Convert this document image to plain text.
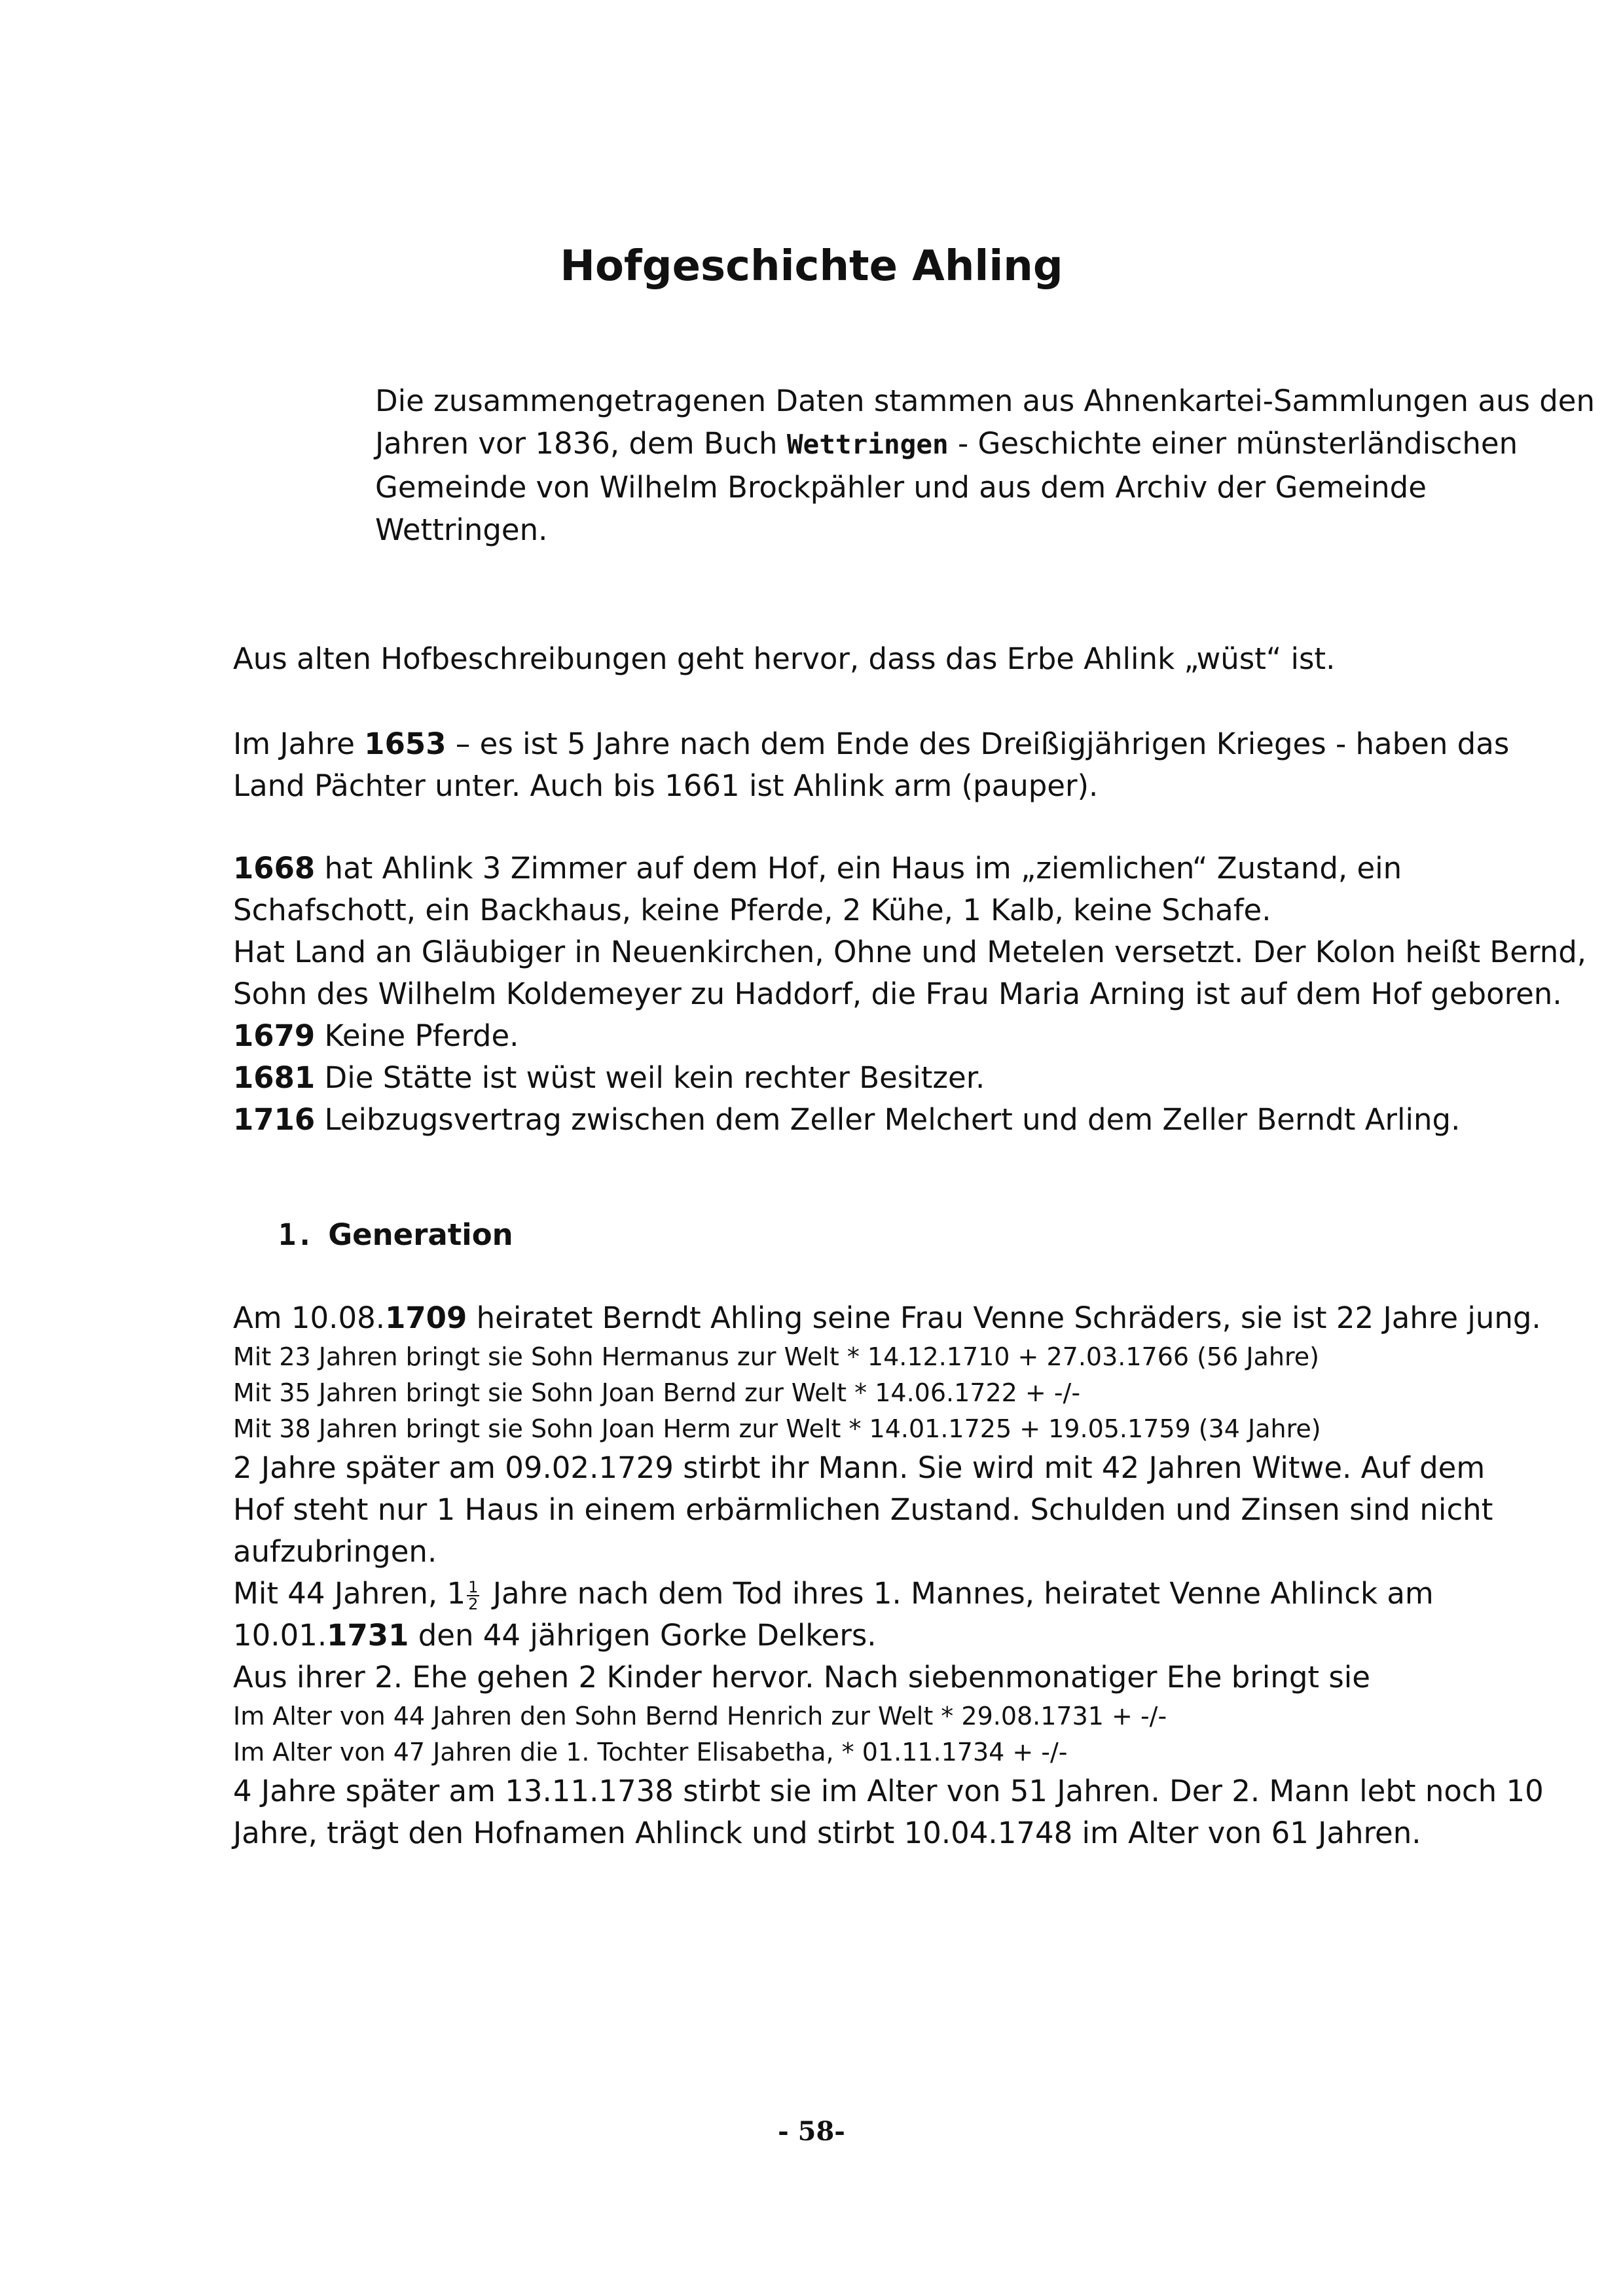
Hofgeschichte Ahling
Die zusammengetragenen Daten stammen aus Ahnenkartei-Sammlungen aus den
Jahren vor 1836, dem Buch Wettringen - Geschichte einer münsterländischen
Gemeinde von Wilhelm Brockpähler und aus dem Archiv der Gemeinde
Wettringen.
Aus alten Hofbeschreibungen geht hervor, dass das Erbe Ahlink „wüst“ ist.
Im Jahre 1653 – es ist 5 Jahre nach dem Ende des Dreißigjährigen Krieges - haben das
Land Pächter unter. Auch bis 1661 ist Ahlink arm (pauper).
1668 hat Ahlink 3 Zimmer auf dem Hof, ein Haus im „ziemlichen“ Zustand, ein
Schafschott, ein Backhaus, keine Pferde, 2 Kühe, 1 Kalb, keine Schafe.
Hat Land an Gläubiger in Neuenkirchen, Ohne und Metelen versetzt. Der Kolon heißt Bernd,
Sohn des Wilhelm Koldemeyer zu Haddorf, die Frau Maria Arning ist auf dem Hof geboren.
1679 Keine Pferde.
1681 Die Stätte ist wüst weil kein rechter Besitzer.
1716 Leibzugsvertrag zwischen dem Zeller Melchert und dem Zeller Berndt Arling.
1. Generation
Am 10.08.1709 heiratet Berndt Ahling seine Frau Venne Schräders, sie ist 22 Jahre jung.
Mit 23 Jahren bringt sie Sohn Hermanus zur Welt * 14.12.1710 + 27.03.1766 (56 Jahre)
Mit 35 Jahren bringt sie Sohn Joan Bernd zur Welt * 14.06.1722 + -/-
Mit 38 Jahren bringt sie Sohn Joan Herm zur Welt * 14.01.1725 + 19.05.1759 (34 Jahre)
2 Jahre später am 09.02.1729 stirbt ihr Mann. Sie wird mit 42 Jahren Witwe. Auf dem
Hof steht nur 1 Haus in einem erbärmlichen Zustand. Schulden und Zinsen sind nicht
aufzubringen.
Mit 44 Jahren, $1 \frac{1}{2}$ Jahre nach dem Tod ihres 1. Mannes, heiratet Venne Ahlinck am
10.01.1731 den 44 jährigen Gorke Delkers.
Aus ihrer 2. Ehe gehen 2 Kinder hervor. Nach siebenmonatiger Ehe bringt sie
Im Alter von 44 Jahren den Sohn Bernd Henrich zur Welt * 29.08.1731 + -/-
Im Alter von 47 Jahren die 1. Tochter Elisabetha, * 01.11.1734 + -/-
4 Jahre später am 13.11.1738 stirbt sie im Alter von 51 Jahren. Der 2. Mann lebt noch 10
Jahre, trägt den Hofnamen Ahlinck und stirbt 10.04.1748 im Alter von 61 Jahren.
- 58-
